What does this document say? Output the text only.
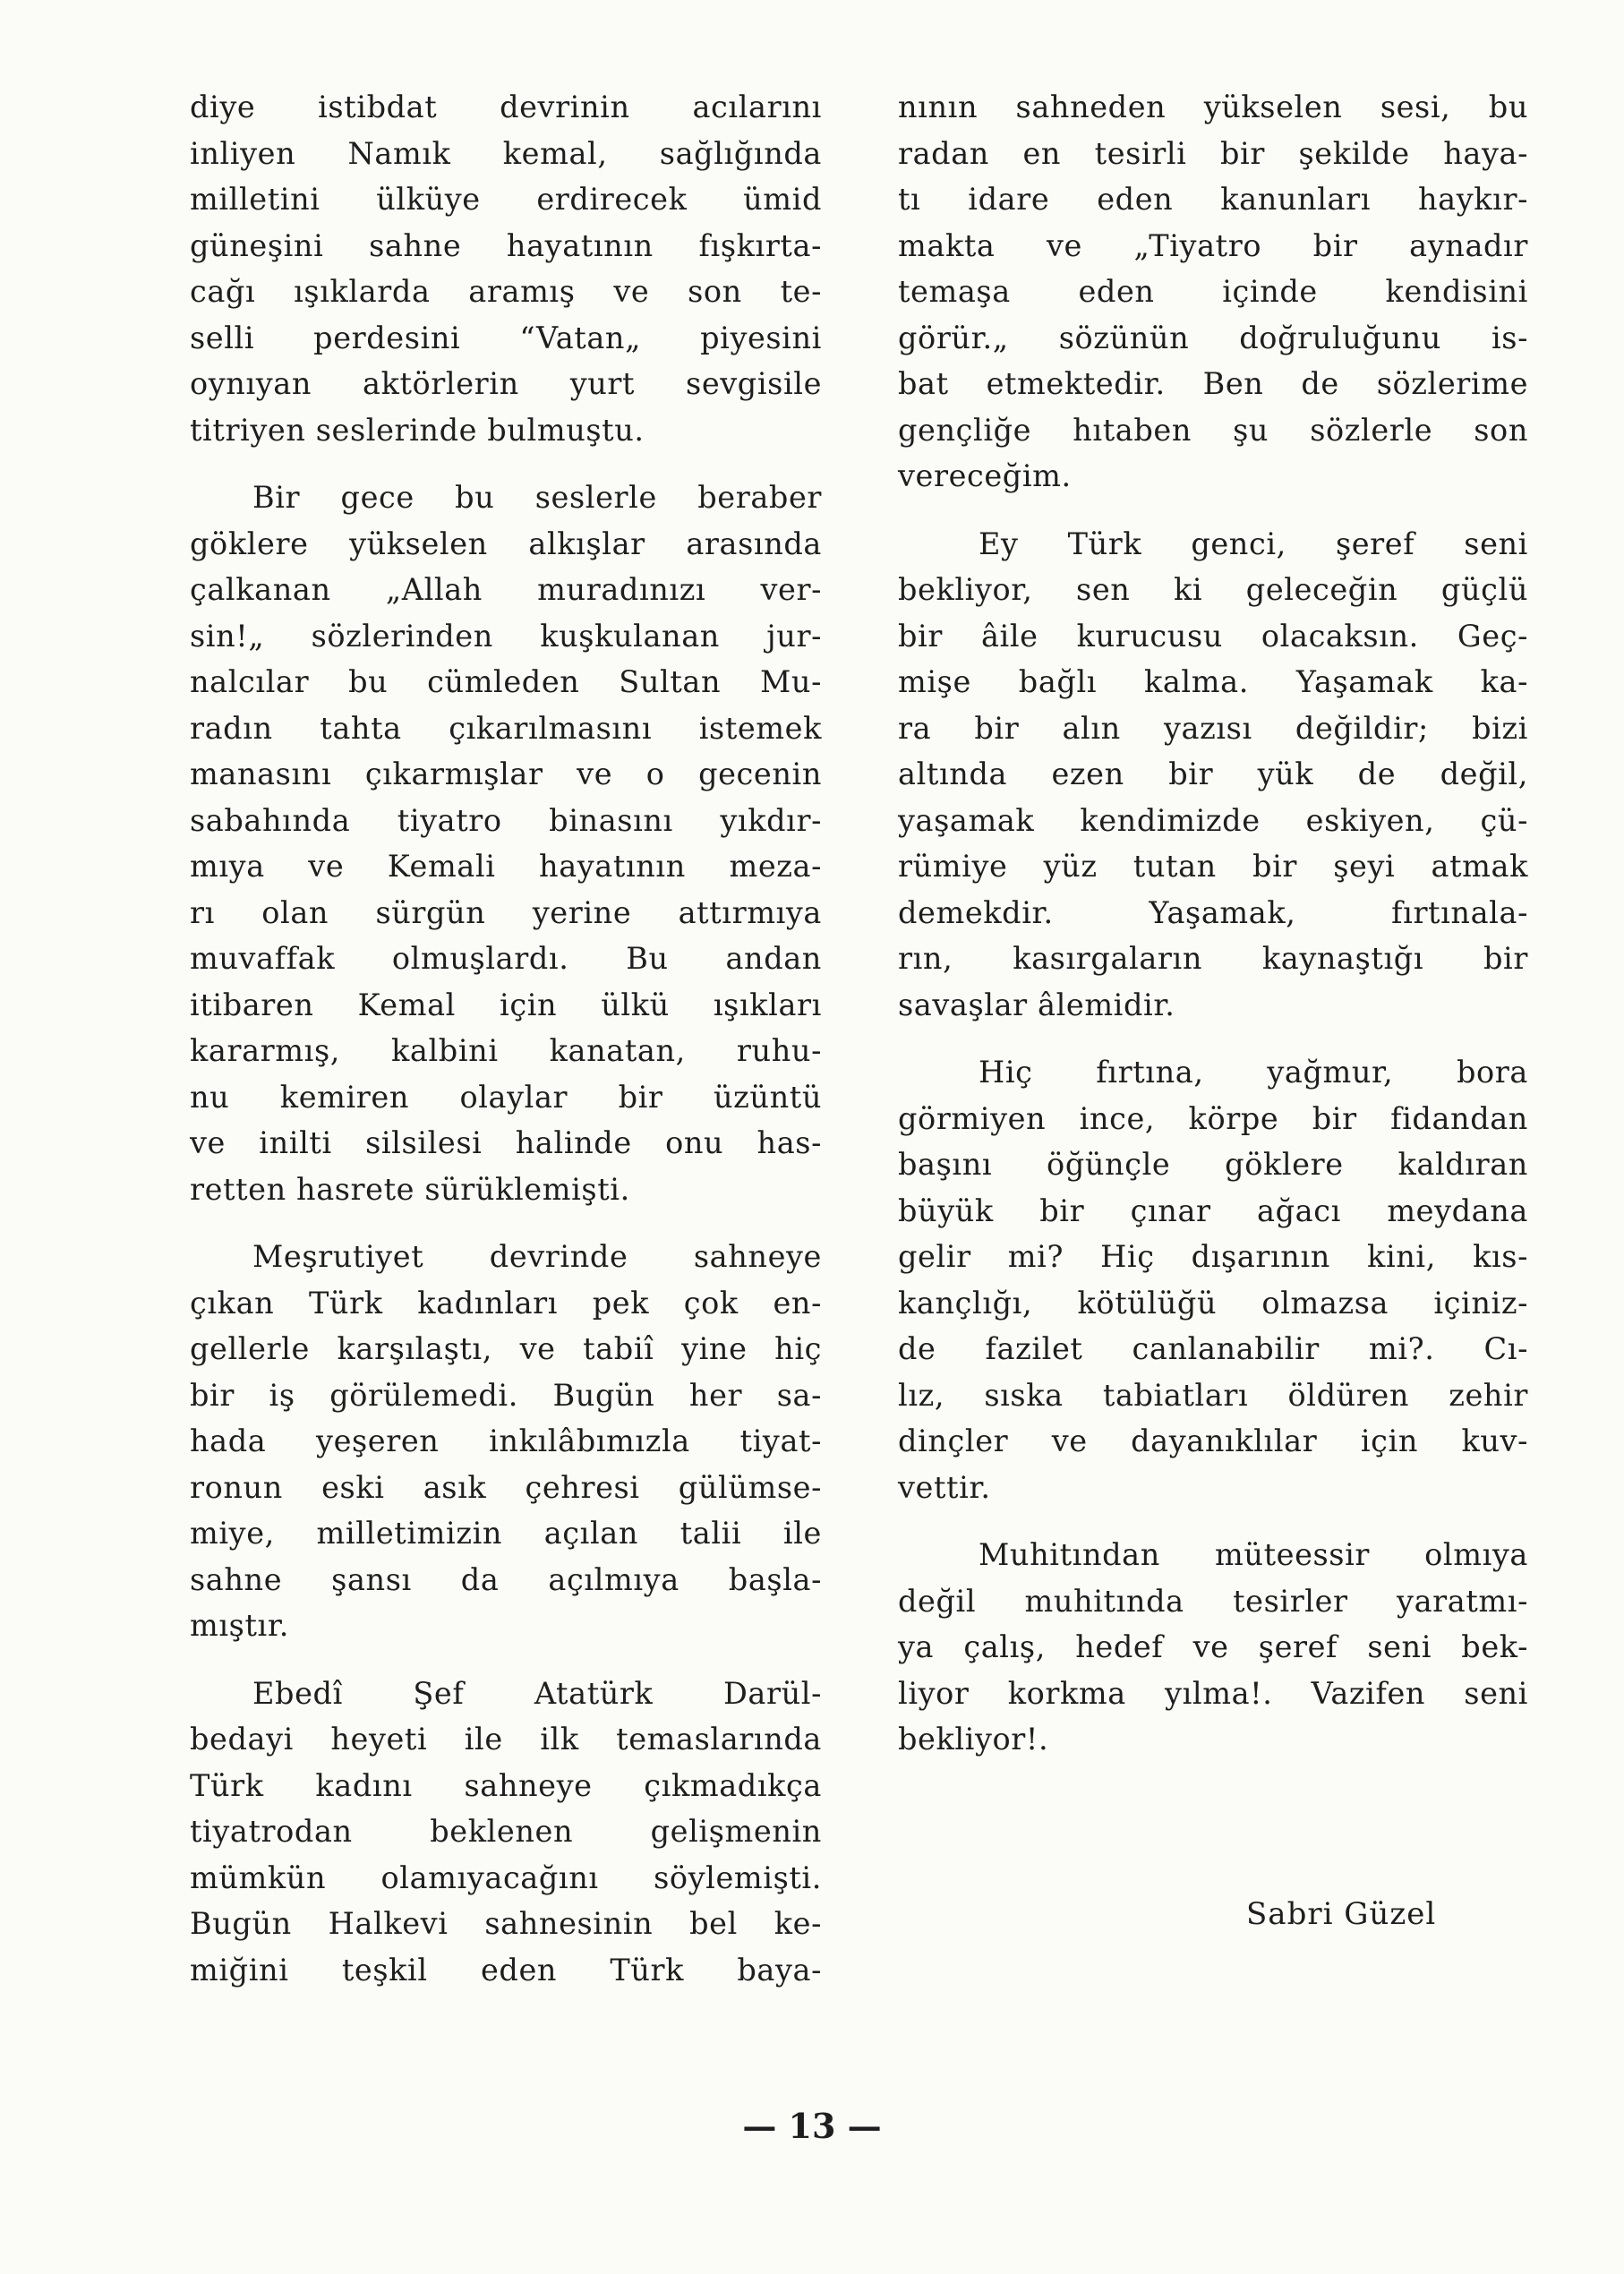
diye istibdat devrinin acılarını
inliyen Namık kemal, sağlığında
milletini ülküye erdirecek ümid
güneşini sahne hayatının fışkırta-
cağı ışıklarda aramış ve son te-
selli perdesini “Vatan„ piyesini
oynıyan aktörlerin yurt sevgisile
titriyen seslerinde bulmuştu.
Bir gece bu seslerle beraber
göklere yükselen alkışlar arasında
çalkanan „Allah muradınızı ver-
sin!„ sözlerinden kuşkulanan jur-
nalcılar bu cümleden Sultan Mu-
radın tahta çıkarılmasını istemek
manasını çıkarmışlar ve o gecenin
sabahında tiyatro binasını yıkdır-
mıya ve Kemali hayatının meza-
rı olan sürgün yerine attırmıya
muvaffak olmuşlardı. Bu andan
itibaren Kemal için ülkü ışıkları
kararmış, kalbini kanatan, ruhu-
nu kemiren olaylar bir üzüntü
ve inilti silsilesi halinde onu has-
retten hasrete sürüklemişti.
Meşrutiyet devrinde sahneye
çıkan Türk kadınları pek çok en-
gellerle karşılaştı, ve tabiî yine hiç
bir iş görülemedi. Bugün her sa-
hada yeşeren inkılâbımızla tiyat-
ronun eski asık çehresi gülümse-
miye, milletimizin açılan talii ile
sahne şansı da açılmıya başla-
mıştır.
Ebedî Şef Atatürk Darül-
bedayi heyeti ile ilk temaslarında
Türk kadını sahneye çıkmadıkça
tiyatrodan beklenen gelişmenin
mümkün olamıyacağını söylemişti.
Bugün Halkevi sahnesinin bel ke-
miğini teşkil eden Türk baya-
nının sahneden yükselen sesi, bu
radan en tesirli bir şekilde haya-
tı idare eden kanunları haykır-
makta ve „Tiyatro bir aynadır
temaşa eden içinde kendisini
görür.„ sözünün doğruluğunu is-
bat etmektedir. Ben de sözlerime
gençliğe hıtaben şu sözlerle son
vereceğim.
Ey Türk genci, şeref seni
bekliyor, sen ki geleceğin güçlü
bir âile kurucusu olacaksın. Geç-
mişe bağlı kalma. Yaşamak ka-
ra bir alın yazısı değildir; bizi
altında ezen bir yük de değil,
yaşamak kendimizde eskiyen, çü-
rümiye yüz tutan bir şeyi atmak
demekdir. Yaşamak, fırtınala-
rın, kasırgaların kaynaştığı bir
savaşlar âlemidir.
Hiç fırtına, yağmur, bora
görmiyen ince, körpe bir fidandan
başını öğünçle göklere kaldıran
büyük bir çınar ağacı meydana
gelir mi? Hiç dışarının kini, kıs-
kançlığı, kötülüğü olmazsa içiniz-
de fazilet canlanabilir mi?. Cı-
lız, sıska tabiatları öldüren zehir
dinçler ve dayanıklılar için kuv-
vettir.
Muhitından müteessir olmıya
değil muhitında tesirler yaratmı-
ya çalış, hedef ve şeref seni bek-
liyor korkma yılma!. Vazifen seni
bekliyor!.
Sabri Güzel
— 13 —
